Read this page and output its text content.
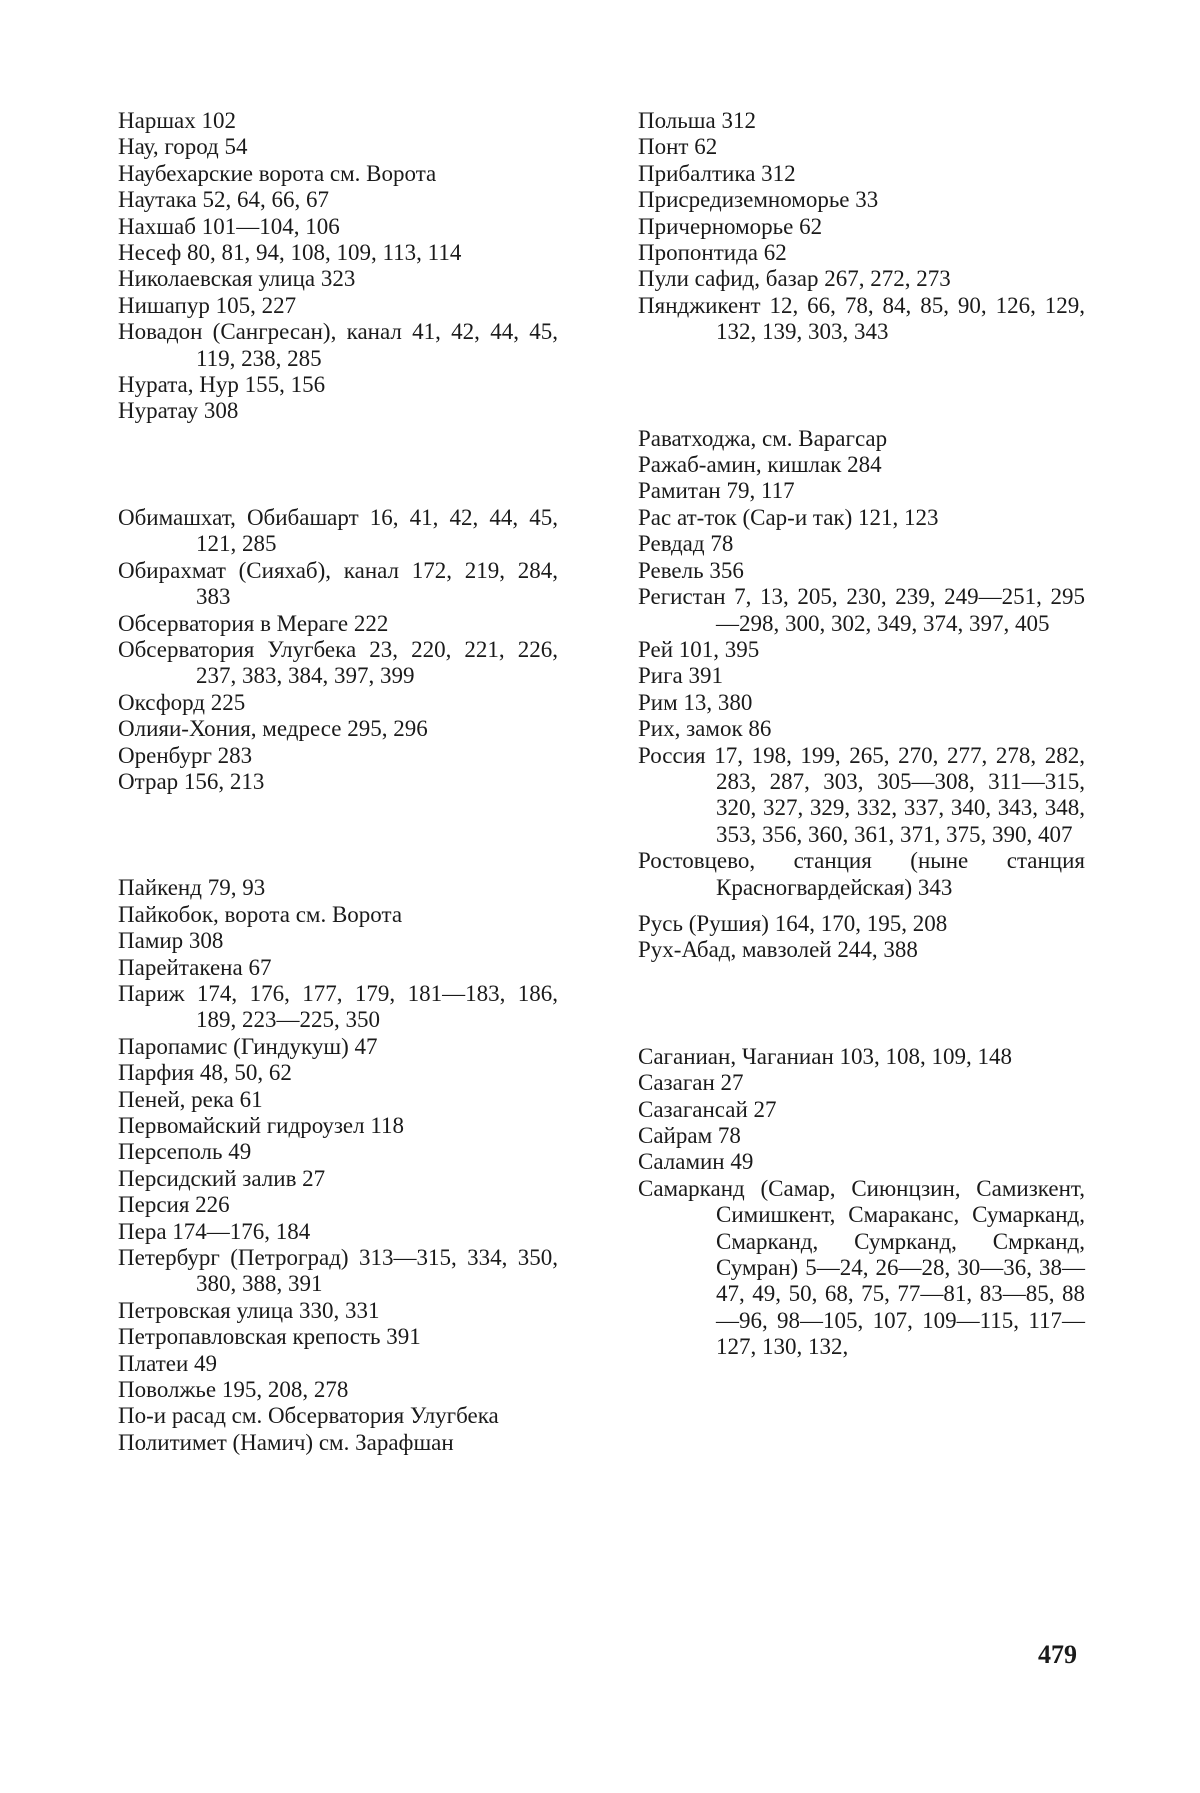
Наршах 102
Нау, город 54
Наубехарские ворота см. Ворота
Наутака 52, 64, 66, 67
Нахшаб 101—104, 106
Несеф 80, 81, 94, 108, 109, 113, 114
Николаевская улица 323
Нишапур 105, 227
Новадон (Сангресан), канал 41, 42, 44, 45, 119, 238, 285
Нурата, Нур 155, 156
Нуратау 308
Обимашхат, Обибашарт 16, 41, 42, 44, 45, 121, 285
Обирахмат (Сияхаб), канал 172, 219, 284, 383
Обсерватория в Мераге 222
Обсерватория Улугбека 23, 220, 221, 226, 237, 383, 384, 397, 399
Оксфорд 225
Олияи-Хония, медресе 295, 296
Оренбург 283
Отрар 156, 213
Пайкенд 79, 93
Пайкобок, ворота см. Ворота
Памир 308
Парейтакена 67
Париж 174, 176, 177, 179, 181—183, 186, 189, 223—225, 350
Паропамис (Гиндукуш) 47
Парфия 48, 50, 62
Пеней, река 61
Первомайский гидроузел 118
Персеполь 49
Персидский залив 27
Персия 226
Пера 174—176, 184
Петербург (Петроград) 313—315, 334, 350, 380, 388, 391
Петровская улица 330, 331
Петропавловская крепость 391
Платеи 49
Поволжье 195, 208, 278
По-и расад см. Обсерватория Улугбека
Политимет (Намич) см. Зарафшан
Польша 312
Понт 62
Прибалтика 312
Присредиземноморье 33
Причерноморье 62
Пропонтида 62
Пули сафид, базар 267, 272, 273
Пянджикент 12, 66, 78, 84, 85, 90, 126, 129, 132, 139, 303, 343
Раватходжа, см. Варагсар
Ражаб-амин, кишлак 284
Рамитан 79, 117
Рас ат-ток (Сар-и так) 121, 123
Ревдад 78
Ревель 356
Регистан 7, 13, 205, 230, 239, 249—251, 295—298, 300, 302, 349, 374, 397, 405
Рей 101, 395
Рига 391
Рим 13, 380
Рих, замок 86
Россия 17, 198, 199, 265, 270, 277, 278, 282, 283, 287, 303, 305—308, 311—315, 320, 327, 329, 332, 337, 340, 343, 348, 353, 356, 360, 361, 371, 375, 390, 407
Ростовцево, станция (ныне станция Красногвардейская) 343
Русь (Рушия) 164, 170, 195, 208
Рух-Абад, мавзолей 244, 388
Саганиан, Чаганиан 103, 108, 109, 148
Сазаган 27
Сазагансай 27
Сайрам 78
Саламин 49
Самарканд (Самар, Сиюнцзин, Самизкент, Симишкент, Смараканс, Сумарканд, Смарканд, Сумрканд, Смрканд, Сумран) 5—24, 26—28, 30—36, 38—47, 49, 50, 68, 75, 77—81, 83—85, 88—96, 98—105, 107, 109—115, 117—127, 130, 132,
479
